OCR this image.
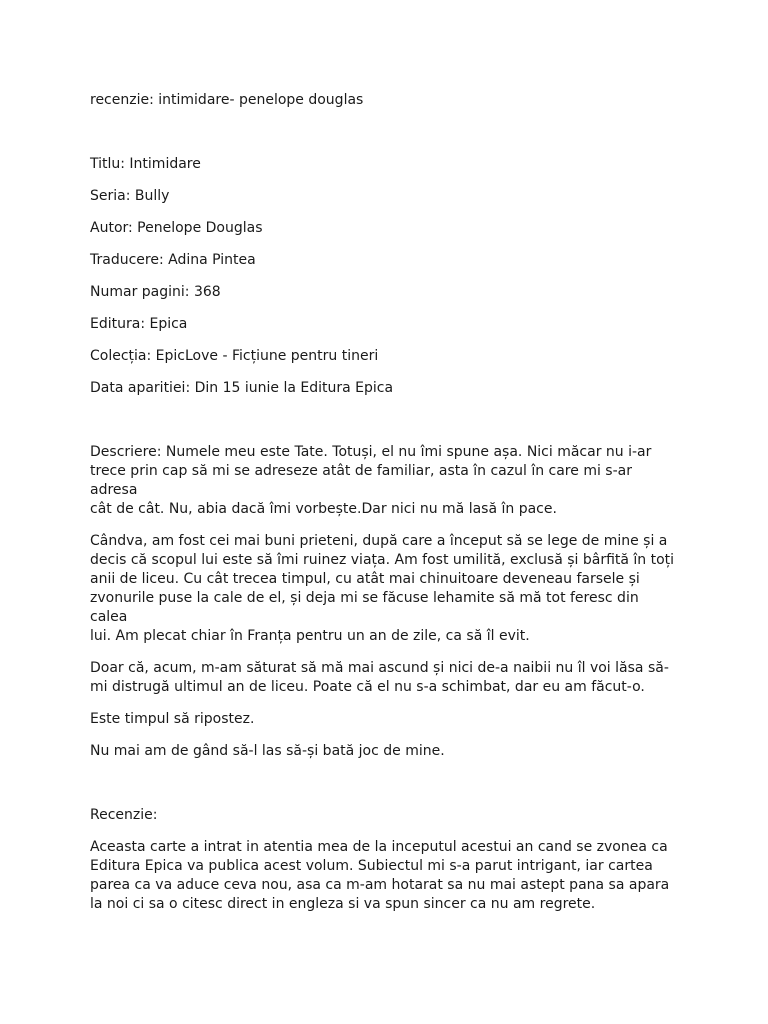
recenzie: intimidare- penelope douglas

Titlu: Intimidare

Seria: Bully

Autor: Penelope Douglas

Traducere: Adina Pintea

Numar pagini: 368

Editura: Epica

Colecția: EpicLove - Ficțiune pentru tineri

Data aparitiei: Din 15 iunie la Editura Epica

Descriere: Numele meu este Tate. Totuși, el nu îmi spune așa. Nici măcar nu i-ar
trece prin cap să mi se adreseze atât de familiar, asta în cazul în care mi s-ar adresa
cât de cât. Nu, abia dacă îmi vorbește.Dar nici nu mă lasă în pace.

Cândva, am fost cei mai buni prieteni, după care a început să se lege de mine și a
decis că scopul lui este să îmi ruinez viața. Am fost umilită, exclusă și bârfită în toți
anii de liceu. Cu cât trecea timpul, cu atât mai chinuitoare deveneau farsele și
zvonurile puse la cale de el, și deja mi se făcuse lehamite să mă tot feresc din calea
lui. Am plecat chiar în Franța pentru un an de zile, ca să îl evit.

Doar că, acum, m-am săturat să mă mai ascund și nici de-a naibii nu îl voi lăsa să-
mi distrugă ultimul an de liceu. Poate că el nu s-a schimbat, dar eu am făcut-o.

Este timpul să ripostez.

Nu mai am de gând să-l las să-și bată joc de mine.

Recenzie:

Aceasta carte a intrat in atentia mea de la inceputul acestui an cand se zvonea ca
Editura Epica va publica acest volum. Subiectul mi s-a parut intrigant, iar cartea
parea ca va aduce ceva nou, asa ca m-am hotarat sa nu mai astept pana sa apara
la noi ci sa o citesc direct in engleza si va spun sincer ca nu am regrete.
